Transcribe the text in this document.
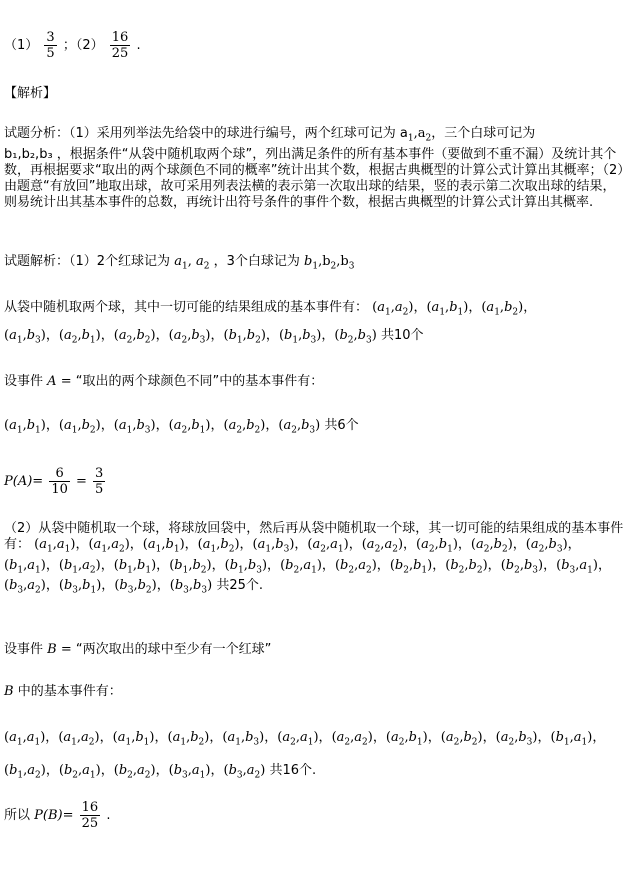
$(1) \frac{3}{5}$ ；$(2) \frac{16}{25}$ .
【解析】
试题分析：（1）采用列举法先给袋中的球进行编号，两个红球可记为 $a_1,a_2$，三个白球可记为
b₁,b₂,b₃ ，根据条件“从袋中随机取两个球”，列出满足条件的所有基本事件（要做到不重不漏）及统计其个数，再根据要求“取出的两个球颜色不同的概率”统计出其个数，根据古典概型的计算公式计算出其概率；（2）由题意“有放回”地取出球，故可采用列表法横的表示第一次取出球的结果，竖的表示第二次取出球的结果，则易统计出其基本事件的总数，再统计出符号条件的事件个数，根据古典概型的计算公式计算出其概率.
试题解析：（1）2个红球记为 $a_1$, $a_2$ ，3个白球记为 $b_1,b_2,b_3$
从袋中随机取两个球，其中一切可能的结果组成的基本事件有： $(a_1,a_2)$，$(a_1,b_1)$，$(a_1,b_2)$，
$(a_1,b_3)$，$(a_2,b_1)$，$(a_2,b_2)$，$(a_2,b_3)$，$(b_1,b_2)$，$(b_1,b_3)$，$(b_2,b_3)$ 共10个
设事件 A = “取出的两个球颜色不同”中的基本事件有：
$(a_1,b_1)$，$(a_1,b_2)$，$(a_1,b_3)$，$(a_2,b_1)$，$(a_2,b_2)$，$(a_2,b_3)$ 共6个
$P(A)= \frac{6}{10} = \frac{3}{5}$
（2）从袋中随机取一个球，将球放回袋中，然后再从袋中随机取一个球，其一切可能的结果组成的基本事件有： $(a_1,a_1)$，$(a_1,a_2)$，$(a_1,b_1)$，$(a_1,b_2)$，$(a_1,b_3)$，$(a_2,a_1)$，$(a_2,a_2)$，$(a_2,b_1)$，$(a_2,b_2)$，$(a_2,b_3)$，$(b_1,a_1)$，$(b_1,a_2)$，$(b_1,b_1)$，$(b_1,b_2)$，$(b_1,b_3)$，$(b_2,a_1)$，$(b_2,a_2)$，$(b_2,b_1)$，$(b_2,b_2)$，$(b_2,b_3)$，$(b_3,a_1)$，$(b_3,a_2)$，$(b_3,b_1)$，$(b_3,b_2)$，$(b_3,b_3)$ 共25个.
设事件 B = “两次取出的球中至少有一个红球”
B 中的基本事件有：
$(a_1,a_1)$，$(a_1,a_2)$，$(a_1,b_1)$，$(a_1,b_2)$，$(a_1,b_3)$，$(a_2,a_1)$，$(a_2,a_2)$，$(a_2,b_1)$，$(a_2,b_2)$，$(a_2,b_3)$，$(b_1,a_1)$，$(b_1,a_2)$，$(b_2,a_1)$，$(b_2,a_2)$，$(b_3,a_1)$，$(b_3,a_2)$ 共16个.
所以 $P(B)= \frac{16}{25}$ .
